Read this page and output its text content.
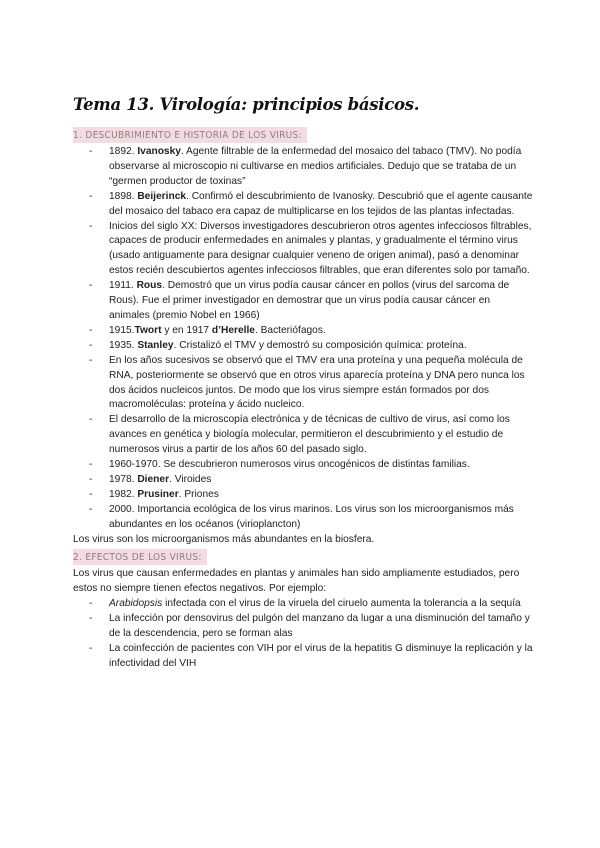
Tema 13. Virología: principios básicos.
1. DESCUBRIMIENTO E HISTORIA DE LOS VIRUS:
- 1892. Ivanosky. Agente filtrable de la enfermedad del mosaico del tabaco (TMV). No podía observarse al microscopio ni cultivarse en medios artificiales. Dedujo que se trataba de un “germen productor de toxinas”
- 1898. Beijerinck. Confirmó el descubrimiento de Ivanosky. Descubrió que el agente causante del mosaico del tabaco era capaz de multiplicarse en los tejidos de las plantas infectadas.
- Inicios del siglo XX: Diversos investigadores descubrieron otros agentes infecciosos filtrables, capaces de producir enfermedades en animales y plantas, y gradualmente el término virus (usado antiguamente para designar cualquier veneno de origen animal), pasó a denominar estos recién descubiertos agentes infecciosos filtrables, que eran diferentes solo por tamaño.
- 1911. Rous. Demostró que un virus podía causar cáncer en pollos (virus del sarcoma de Rous). Fue el primer investigador en demostrar que un virus podía causar cáncer en animales (premio Nobel en 1966)
- 1915.Twort y en 1917 d’Herelle. Bacteriófagos.
- 1935. Stanley. Cristalizó el TMV y demostró su composición química: proteína.
- En los años sucesivos se observó que el TMV era una proteína y una pequeña molécula de RNA, posteriormente se observó que en otros virus aparecía proteína y DNA pero nunca los dos ácidos nucleicos juntos. De modo que los virus siempre están formados por dos macromoléculas: proteína y ácido nucleico.
- El desarrollo de la microscopía electrónica y de técnicas de cultivo de virus, así como los avances en genética y biología molecular, permitieron el descubrimiento y el estudio de numerosos virus a partir de los años 60 del pasado siglo.
- 1960-1970. Se descubrieron numerosos virus oncogénicos de distintas familias.
- 1978. Diener. Viroides
- 1982. Prusiner. Priones
- 2000. Importancia ecológica de los virus marinos. Los virus son los microorganismos más abundantes en los océanos (virioplancton)

Los virus son los microorganismos más abundantes en la biosfera.

2. EFECTOS DE LOS VIRUS:

Los virus que causan enfermedades en plantas y animales han sido ampliamente estudiados, pero estos no siempre tienen efectos negativos. Por ejemplo:

- Arabidopsis infectada con el virus de la viruela del ciruelo aumenta la tolerancia a la sequía
- La infección por densovirus del pulgón del manzano da lugar a una disminución del tamaño y de la descendencia, pero se forman alas
- La coinfección de pacientes con VIH por el virus de la hepatitis G disminuye la replicación y la infectividad del VIH
